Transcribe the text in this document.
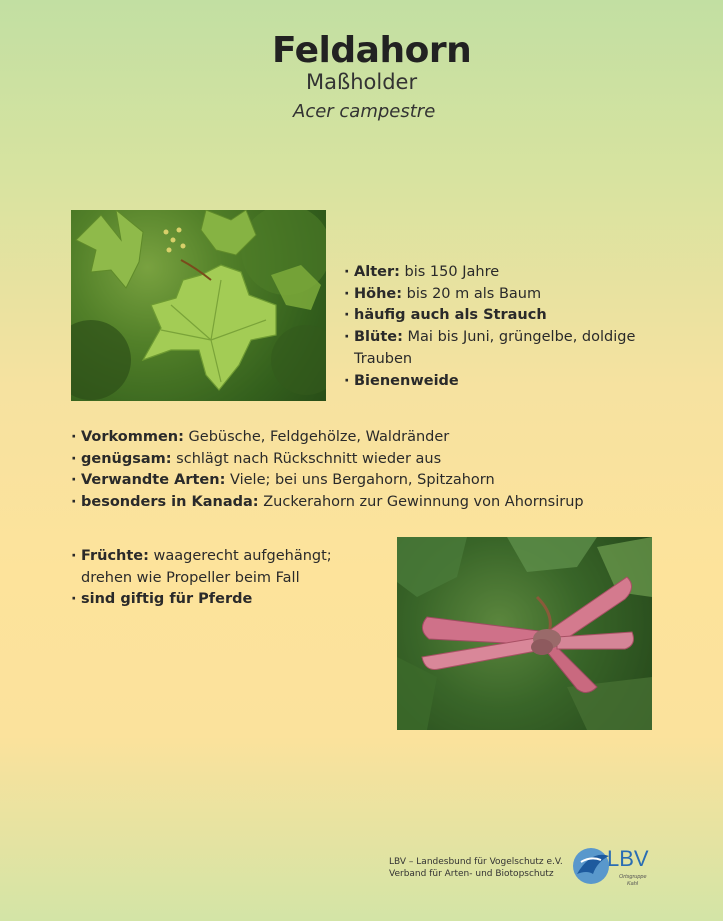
Feldahorn
Maßholder
Acer campestre
· Alter: bis 150 Jahre
· Höhe: bis 20 m als Baum
· häufig auch als Strauch
· Blüte: Mai bis Juni, grüngelbe, doldige
Trauben
· Bienenweide
· Vorkommen: Gebüsche, Feldgehölze, Waldränder
· genügsam: schlägt nach Rückschnitt wieder aus
· Verwandte Arten: Viele; bei uns Bergahorn, Spitzahorn
· besonders in Kanada: Zuckerahorn zur Gewinnung von Ahornsirup
· Früchte: waagerecht aufgehängt;
drehen wie Propeller beim Fall
· sind giftig für Pferde
LBV – Landesbund für Vogelschutz e.V.
Verband für Arten- und Biotopschutz
LBV
Ortsgruppe
Kahl
